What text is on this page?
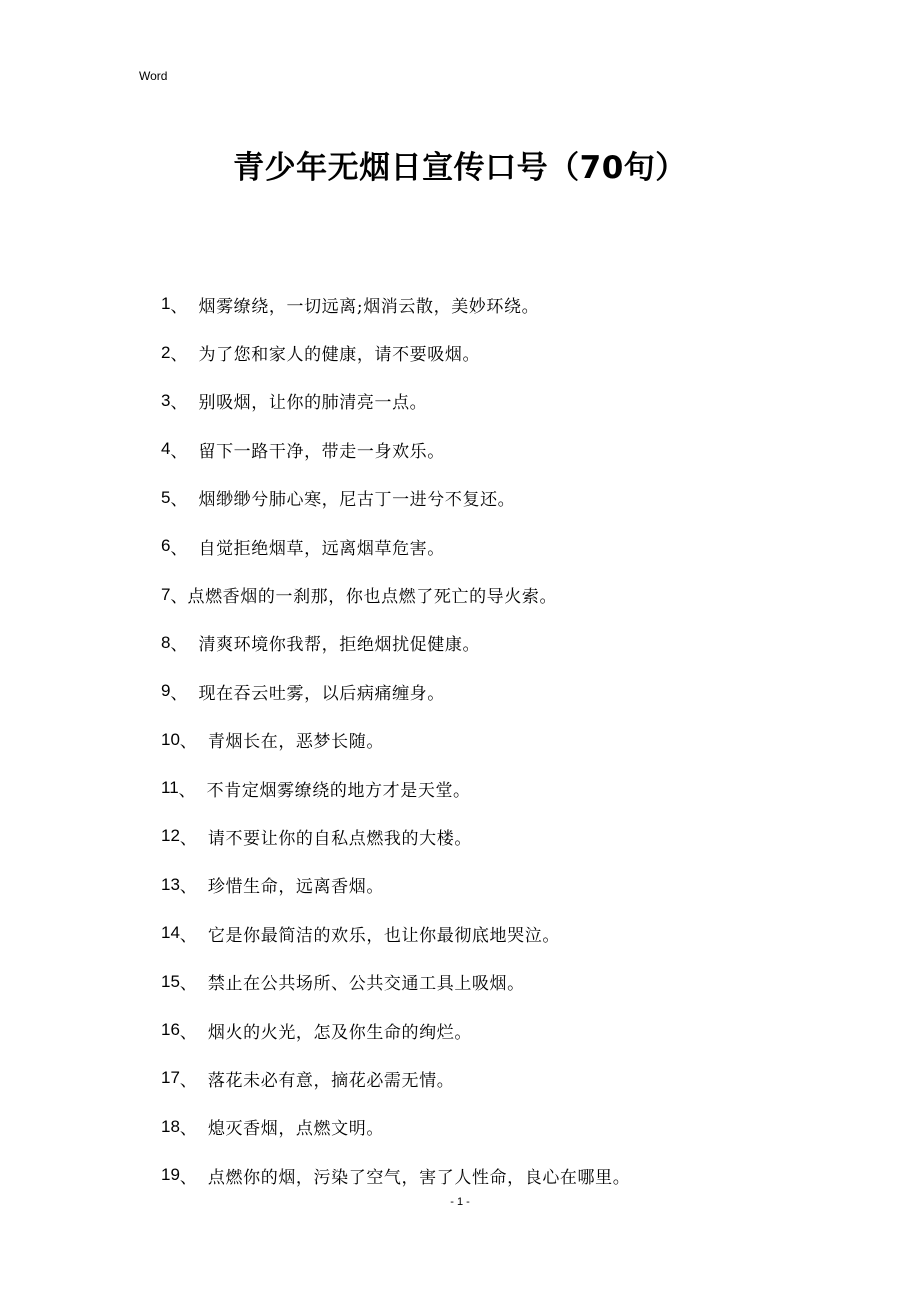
Word
青少年无烟日宣传口号（70句）
1 、 烟雾缭绕，一切远离;烟消云散，美妙环绕。
2 、 为了您和家人的健康，请不要吸烟。
3 、 别吸烟，让你的肺清亮一点。
4 、 留下一路干净，带走一身欢乐。
5 、 烟缈缈兮肺心寒，尼古丁一进兮不复还。
6 、 自觉拒绝烟草，远离烟草危害。
7 、 点燃香烟的一刹那，你也点燃了死亡的导火索。
8 、 清爽环境你我帮，拒绝烟扰促健康。
9 、 现在吞云吐雾，以后病痛缠身。
10 、 青烟长在，恶梦长随。
11 、 不肯定烟雾缭绕的地方才是天堂。
12 、 请不要让你的自私点燃我的大楼。
13 、 珍惜生命，远离香烟。
14 、 它是你最简洁的欢乐，也让你最彻底地哭泣。
15 、 禁止在公共场所、公共交通工具上吸烟。
16 、 烟火的火光，怎及你生命的绚烂。
17 、 落花未必有意，摘花必需无情。
18 、 熄灭香烟，点燃文明。
19 、 点燃你的烟，污染了空气，害了人性命，良心在哪里。
- 1 -
